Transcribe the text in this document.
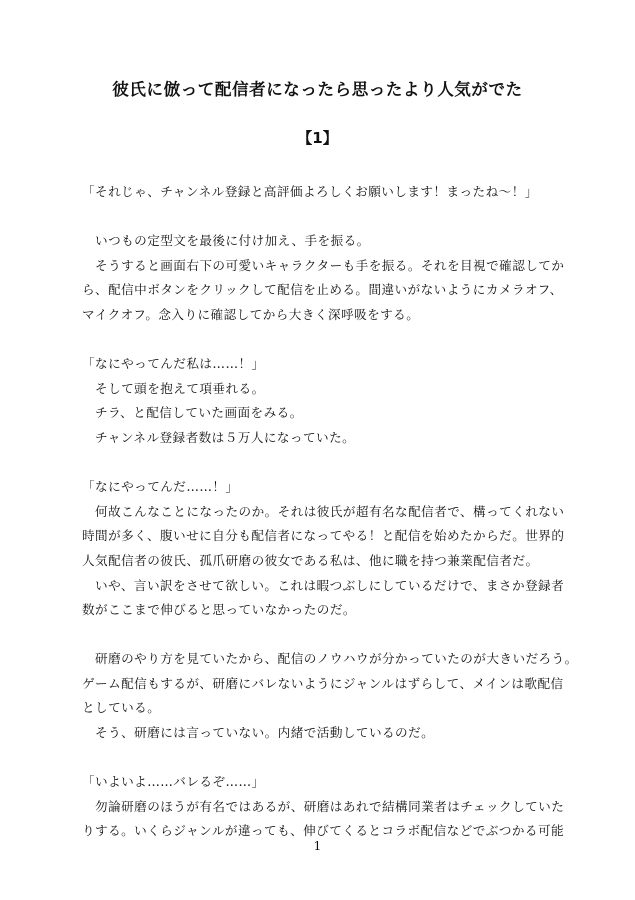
彼氏に倣って配信者になったら思ったより人気がでた
【1】
「それじゃ、チャンネル登録と高評価よろしくお願いします！まったね～！」
　いつもの定型文を最後に付け加え、手を振る。
　そうすると画面右下の可愛いキャラクターも手を振る。それを目視で確認してか
ら、配信中ボタンをクリックして配信を止める。間違いがないようにカメラオフ、
マイクオフ。念入りに確認してから大きく深呼吸をする。
「なにやってんだ私は……！」
　そして頭を抱えて項垂れる。
　チラ、と配信していた画面をみる。
　チャンネル登録者数は５万人になっていた。
「なにやってんだ……！」
　何故こんなことになったのか。それは彼氏が超有名な配信者で、構ってくれない
時間が多く、腹いせに自分も配信者になってやる！と配信を始めたからだ。世界的
人気配信者の彼氏、孤爪研磨の彼女である私は、他に職を持つ兼業配信者だ。
　いや、言い訳をさせて欲しい。これは暇つぶしにしているだけで、まさか登録者
数がここまで伸びると思っていなかったのだ。
　研磨のやり方を見ていたから、配信のノウハウが分かっていたのが大きいだろう。
ゲーム配信もするが、研磨にバレないようにジャンルはずらして、メインは歌配信
としている。
　そう、研磨には言っていない。内緒で活動しているのだ。
「いよいよ……バレるぞ……」
　勿論研磨のほうが有名ではあるが、研磨はあれで結構同業者はチェックしていた
りする。いくらジャンルが違っても、伸びてくるとコラボ配信などでぶつかる可能
1
